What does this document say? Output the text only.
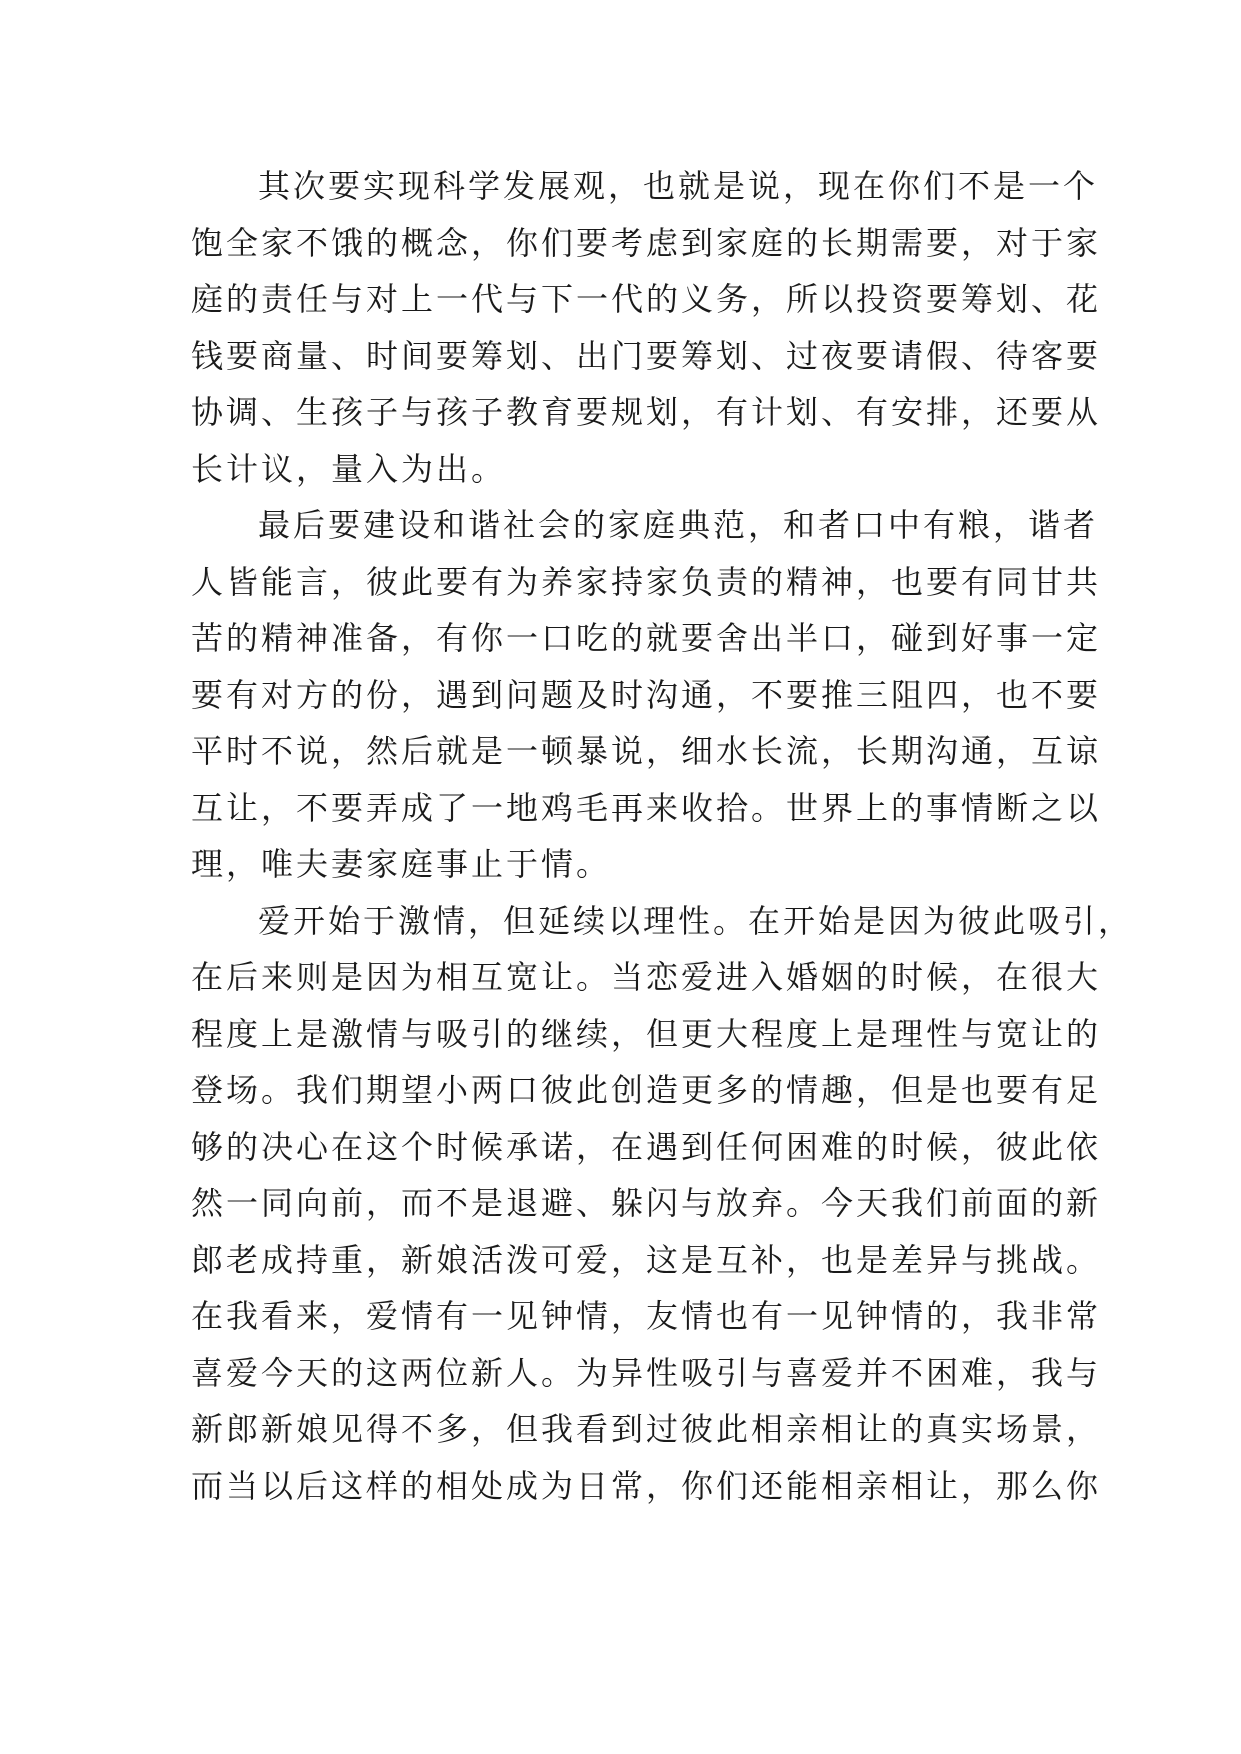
其次要实现科学发展观，也就是说，现在你们不是一个
饱全家不饿的概念，你们要考虑到家庭的长期需要，对于家
庭的责任与对上一代与下一代的义务，所以投资要筹划、花
钱要商量、时间要筹划、出门要筹划、过夜要请假、待客要
协调、生孩子与孩子教育要规划，有计划、有安排，还要从
长计议，量入为出。
最后要建设和谐社会的家庭典范，和者口中有粮，谐者
人皆能言，彼此要有为养家持家负责的精神，也要有同甘共
苦的精神准备，有你一口吃的就要舍出半口，碰到好事一定
要有对方的份，遇到问题及时沟通，不要推三阻四，也不要
平时不说，然后就是一顿暴说，细水长流，长期沟通，互谅
互让，不要弄成了一地鸡毛再来收拾。世界上的事情断之以
理，唯夫妻家庭事止于情。
爱开始于激情，但延续以理性。在开始是因为彼此吸引，
在后来则是因为相互宽让。当恋爱进入婚姻的时候，在很大
程度上是激情与吸引的继续，但更大程度上是理性与宽让的
登场。我们期望小两口彼此创造更多的情趣，但是也要有足
够的决心在这个时候承诺，在遇到任何困难的时候，彼此依
然一同向前，而不是退避、躲闪与放弃。今天我们前面的新
郎老成持重，新娘活泼可爱，这是互补，也是差异与挑战。
在我看来，爱情有一见钟情，友情也有一见钟情的，我非常
喜爱今天的这两位新人。为异性吸引与喜爱并不困难，我与
新郎新娘见得不多，但我看到过彼此相亲相让的真实场景，
而当以后这样的相处成为日常，你们还能相亲相让，那么你
